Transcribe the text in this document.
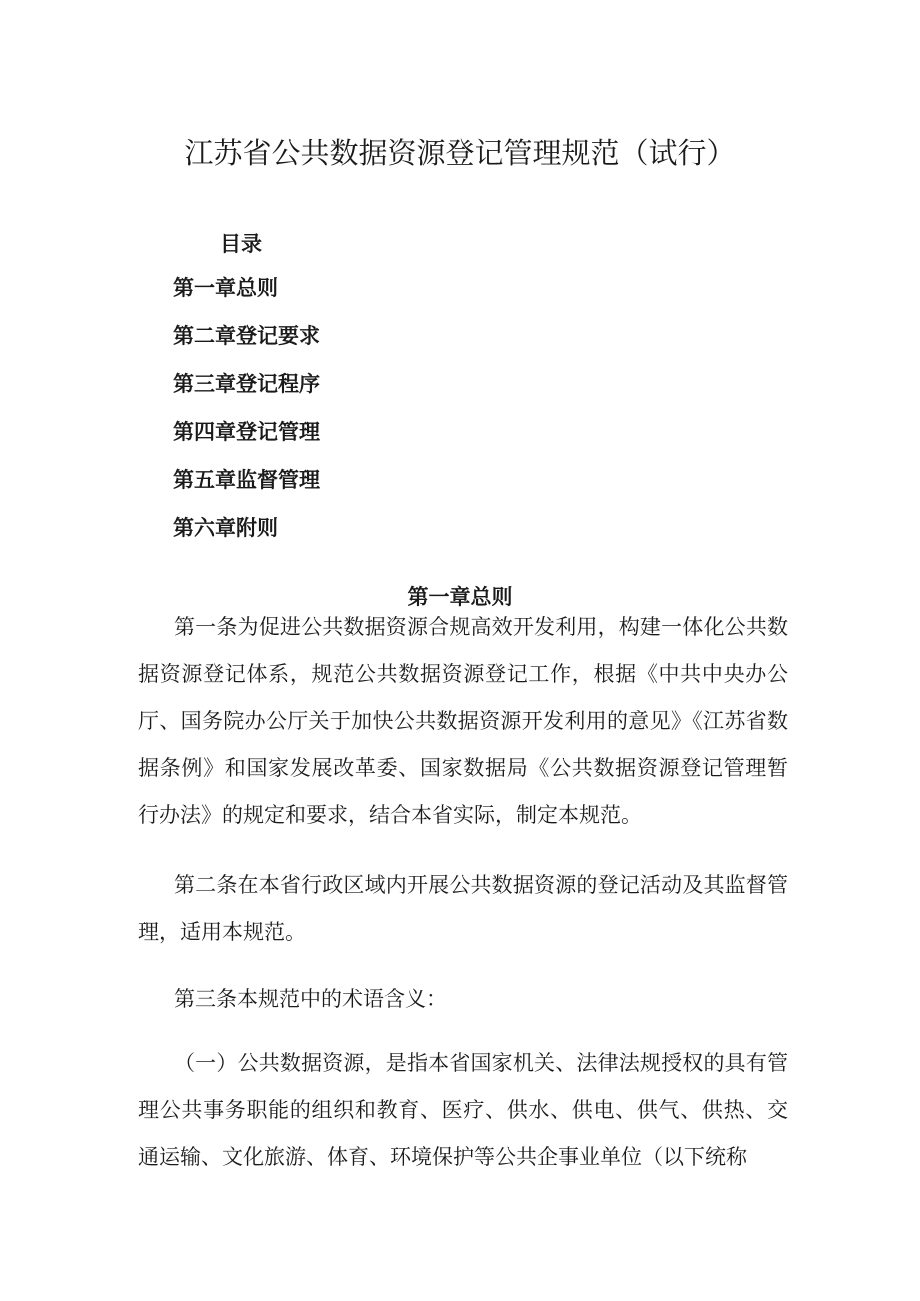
江苏省公共数据资源登记管理规范（试行）
目录
第一章总则
第二章登记要求
第三章登记程序
第四章登记管理
第五章监督管理
第六章附则
第一章总则

第一条为促进公共数据资源合规高效开发利用，构建一体化公共数据资源登记体系，规范公共数据资源登记工作，根据《中共中央办公厅、国务院办公厅关于加快公共数据资源开发利用的意见》《江苏省数据条例》和国家发展改革委、国家数据局《公共数据资源登记管理暂行办法》的规定和要求，结合本省实际，制定本规范。

第二条在本省行政区域内开展公共数据资源的登记活动及其监督管理，适用本规范。

第三条本规范中的术语含义：

（一）公共数据资源，是指本省国家机关、法律法规授权的具有管理公共事务职能的组织和教育、医疗、供水、供电、供气、供热、交通运输、文化旅游、体育、环境保护等公共企事业单位（以下统称
